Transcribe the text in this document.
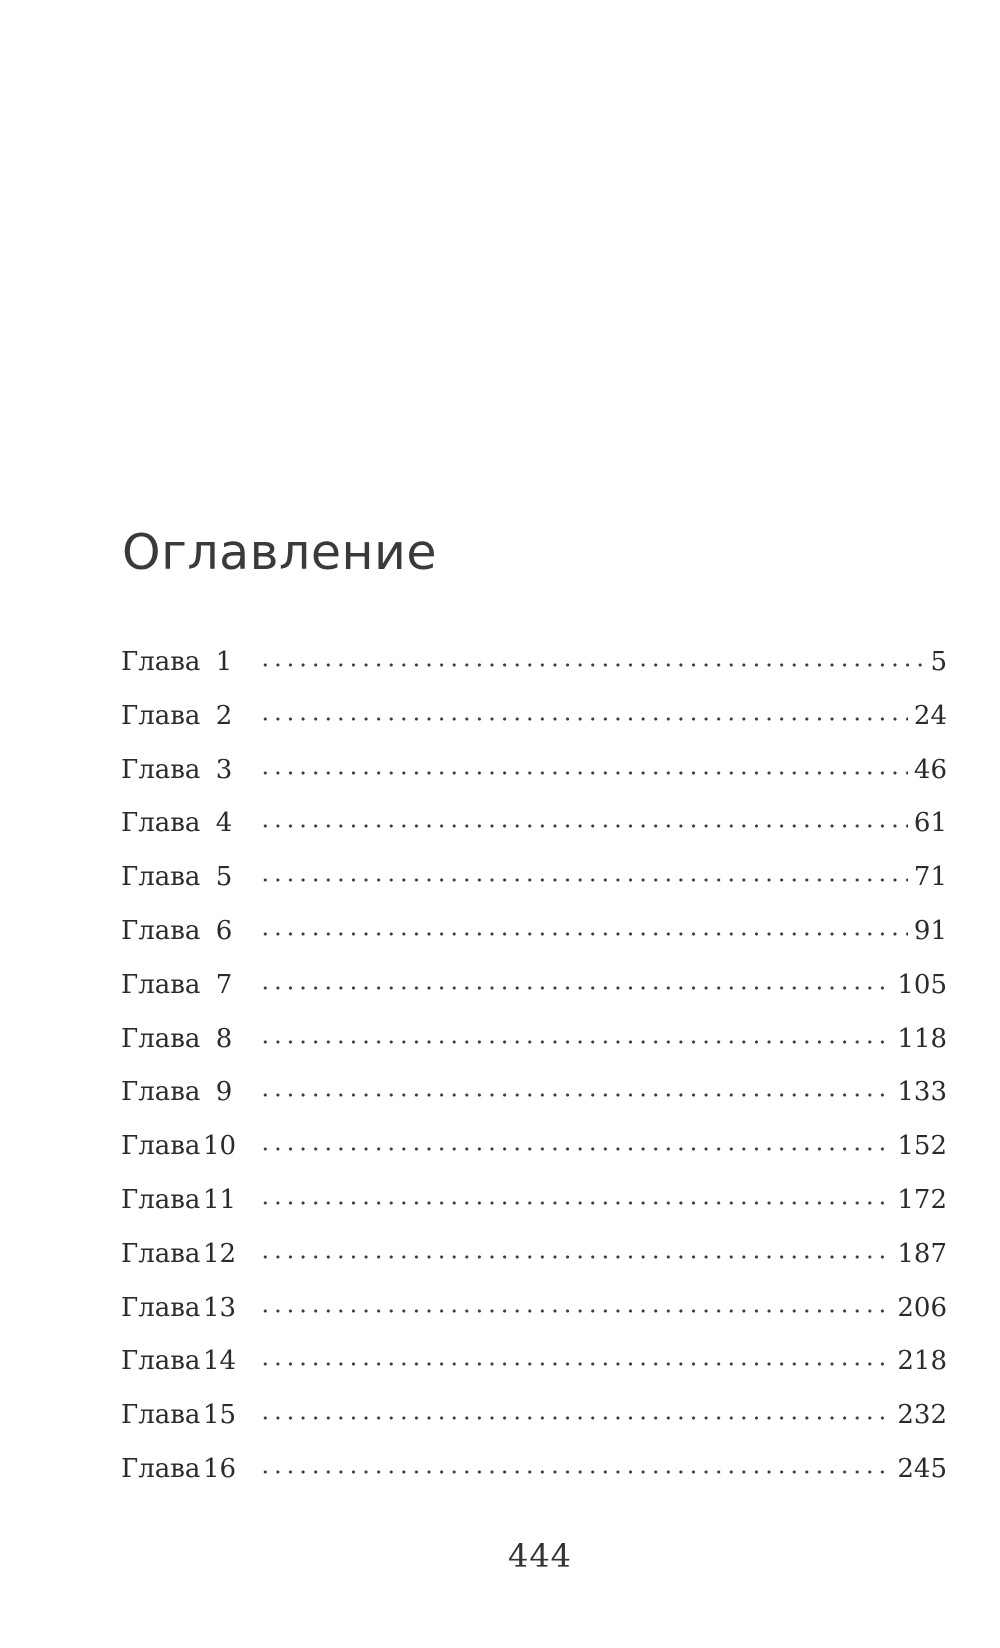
Оглавление
Глава 1	5
Глава 2	24
Глава 3	46
Глава 4	61
Глава 5	71
Глава 6	91
Глава 7	105
Глава 8	118
Глава 9	133
Глава 10	152
Глава 11	172
Глава 12	187
Глава 13	206
Глава 14	218
Глава 15	232
Глава 16	245

444
